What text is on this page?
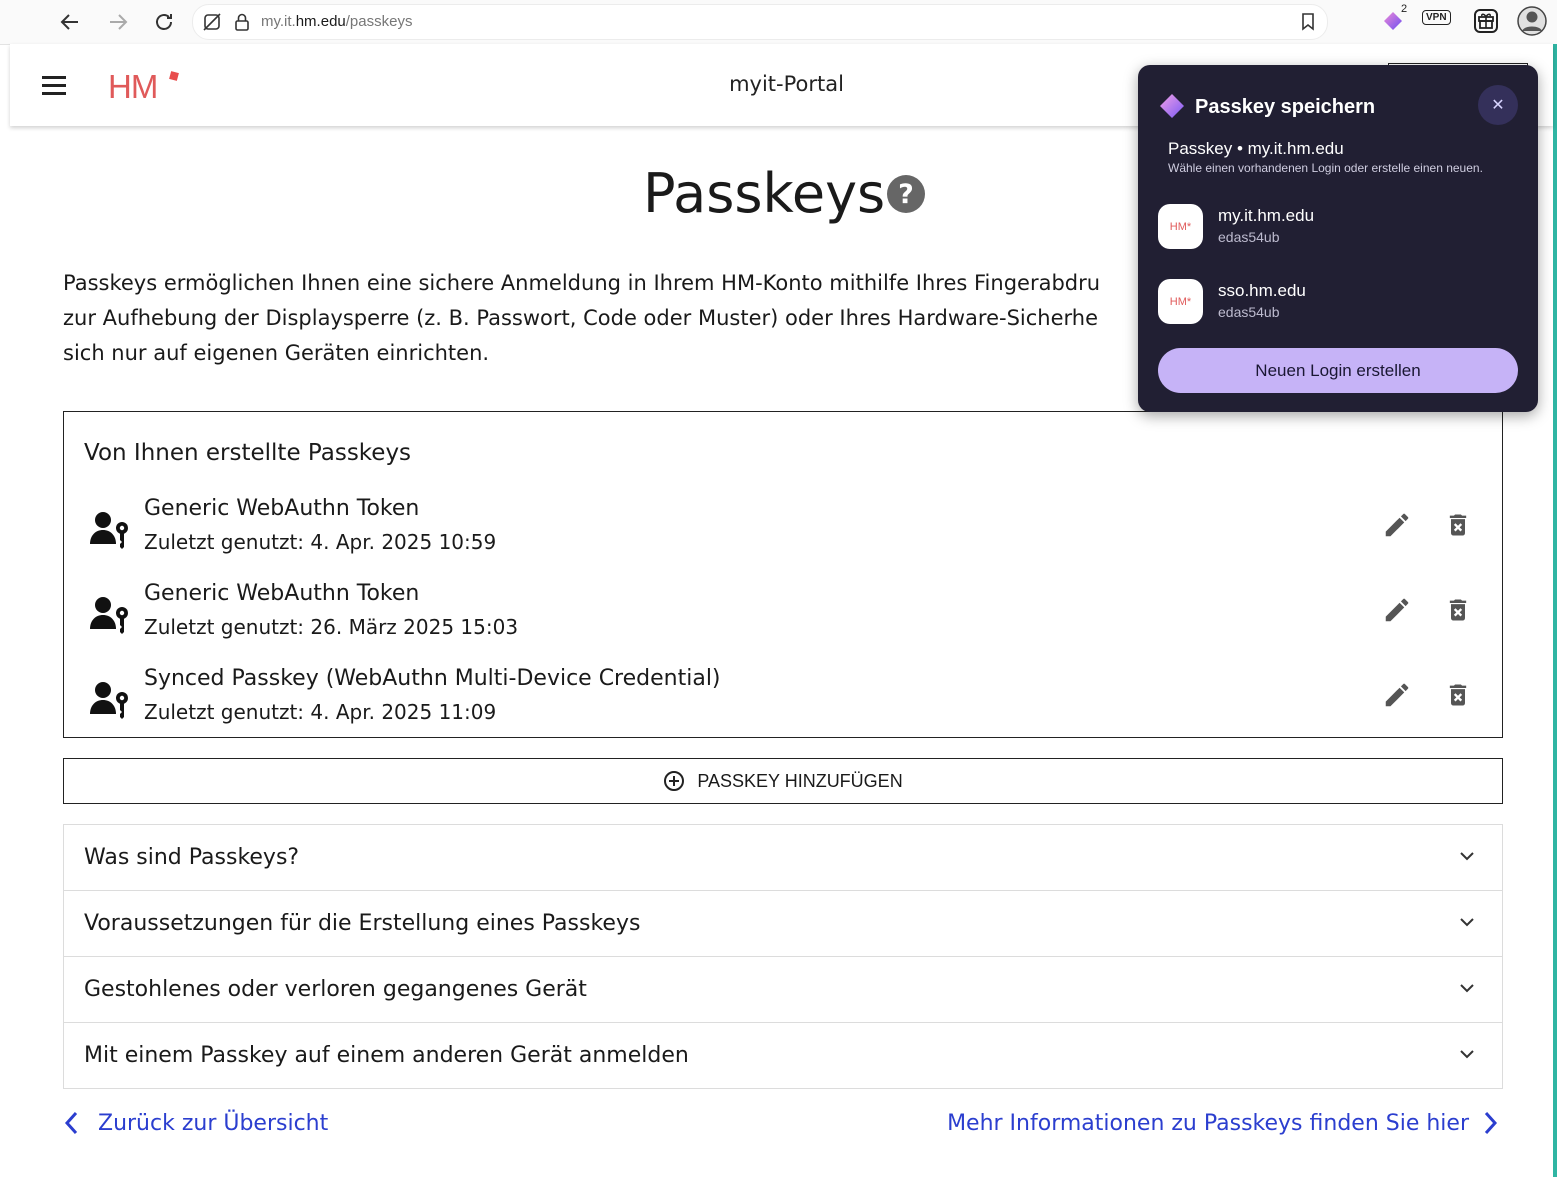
my.it.hm.edu/passkeys
2
VPN
HM	myit-Portal
Passkeys ?
Passkeys ermöglichen Ihnen eine sichere Anmeldung in Ihrem HM-Konto mithilfe Ihres Fingerabdru
zur Aufhebung der Displaysperre (z. B. Passwort, Code oder Muster) oder Ihres Hardware-Sicherhe
sich nur auf eigenen Geräten einrichten.
Von Ihnen erstellte Passkeys
Generic WebAuthn Token
Zuletzt genutzt: 4. Apr. 2025 10:59
Generic WebAuthn Token
Zuletzt genutzt: 26. März 2025 15:03
Synced Passkey (WebAuthn Multi-Device Credential)
Zuletzt genutzt: 4. Apr. 2025 11:09
PASSKEY HINZUFÜGEN
Was sind Passkeys?
Voraussetzungen für die Erstellung eines Passkeys
Gestohlenes oder verloren gegangenes Gerät
Mit einem Passkey auf einem anderen Gerät anmelden
Zurück zur Übersicht	Mehr Informationen zu Passkeys finden Sie hier
Passkey speichern	✕
Passkey • my.it.hm.edu
Wähle einen vorhandenen Login oder erstelle einen neuen.
HM*
my.it.hm.edu
edas54ub
HM*
sso.hm.edu
edas54ub
Neuen Login erstellen
